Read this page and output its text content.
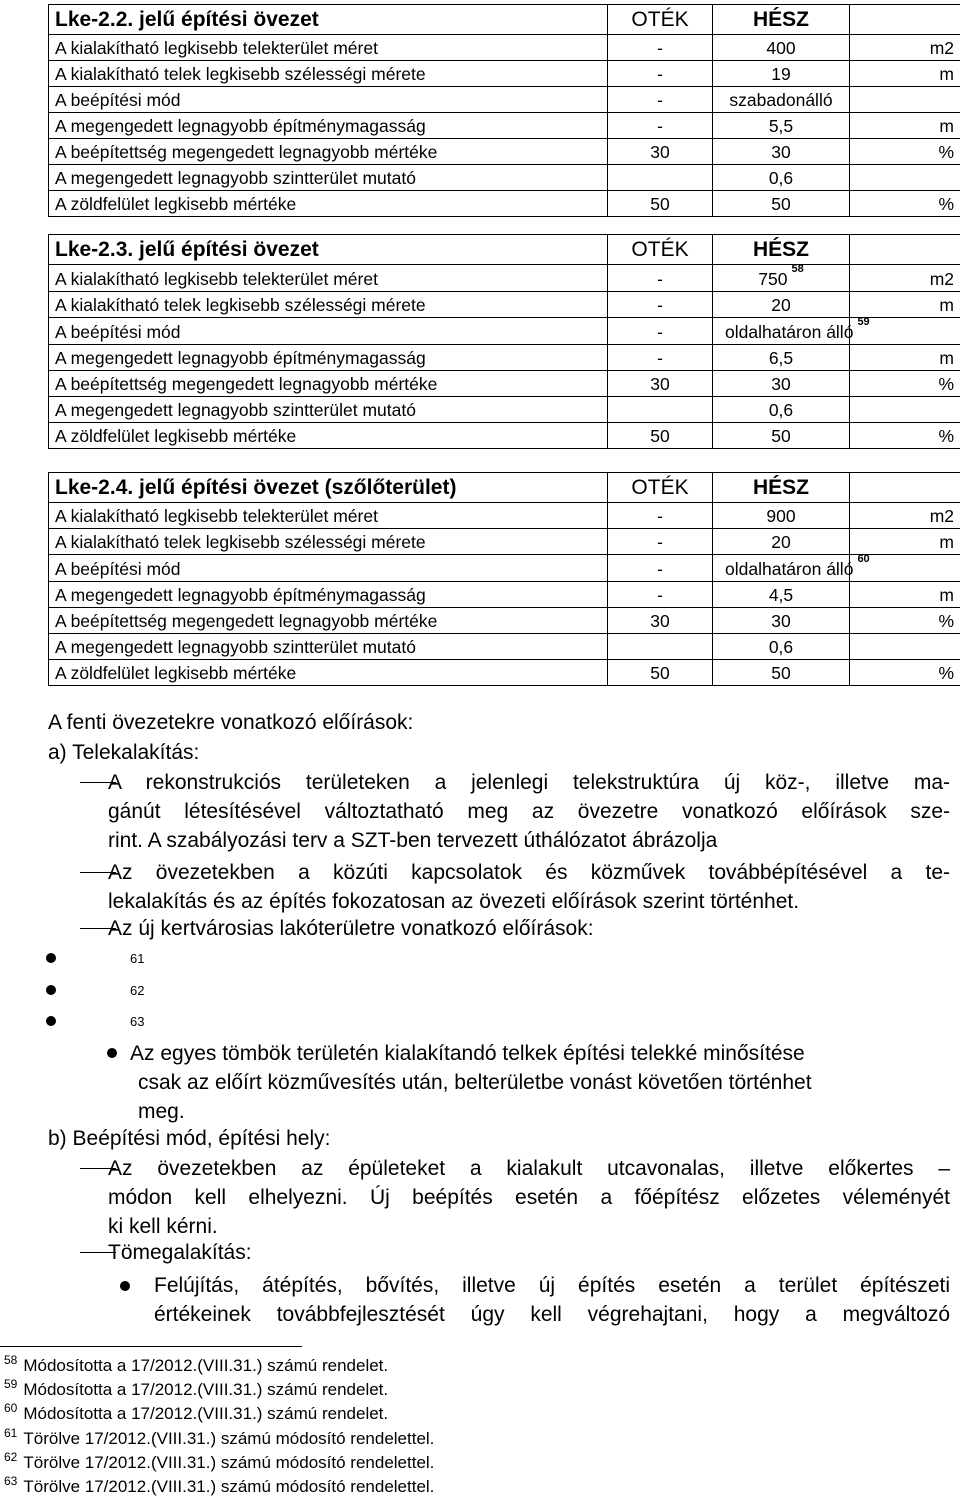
Lke-2.2. jelű építési övezet	OTÉK	HÉSZ	
A kialakítható legkisebb telekterület méret	-	400	m2
A kialakítható telek legkisebb szélességi mérete	-	19	m
A beépítési mód	-	szabadonálló	
A megengedett legnagyobb építménymagasság	-	5,5	m
A beépítettség megengedett legnagyobb mértéke	30	30	%
A megengedett legnagyobb szintterület mutató		0,6	
A zöldfelület legkisebb mértéke	50	50	%
Lke-2.3. jelű építési övezet	OTÉK	HÉSZ	
A kialakítható legkisebb telekterület méret	-	750 $^{58}$	m2
A kialakítható telek legkisebb szélességi mérete	-	20	m
A beépítési mód	-	oldalhatáron álló $^{59}$	
A megengedett legnagyobb építménymagasság	-	6,5	m
A beépítettség megengedett legnagyobb mértéke	30	30	%
A megengedett legnagyobb szintterület mutató		0,6	
A zöldfelület legkisebb mértéke	50	50	%
Lke-2.4. jelű építési övezet (szőlőterület)	OTÉK	HÉSZ	
A kialakítható legkisebb telekterület méret	-	900	m2
A kialakítható telek legkisebb szélességi mérete	-	20	m
A beépítési mód	-	oldalhatáron álló $^{60}$	
A megengedett legnagyobb építménymagasság	-	4,5	m
A beépítettség megengedett legnagyobb mértéke	30	30	%
A megengedett legnagyobb szintterület mutató		0,6	
A zöldfelület legkisebb mértéke	50	50	%
A fenti övezetekre vonatkozó előírások:
a) Telekalakítás:
A rekonstrukciós területeken a jelenlegi telekstruktúra új köz-, illetve ma-
gánút létesítésével változtatható meg az övezetre vonatkozó előírások sze-
rint. A szabályozási terv a SZT-ben tervezett úthálózatot ábrázolja
Az övezetekben a közúti kapcsolatok és közművek továbbépítésével a te-
lekalakítás és az építés fokozatosan az övezeti előírások szerint történhet.
Az új kertvárosias lakóterületre vonatkozó előírások:
61
62
63
Az egyes tömbök területén kialakítandó telkek építési telekké minősítése
csak az előírt közművesítés után, belterületbe vonást követően történhet
meg.
b) Beépítési mód, építési hely:
Az övezetekben az épületeket a kialakult utcavonalas, illetve előkertes –
módon kell elhelyezni. Új beépítés esetén a főépítész előzetes véleményét
ki kell kérni.
Tömegalakítás:
Felújítás, átépítés, bővítés, illetve új építés esetén a terület építészeti
értékeinek továbbfejlesztését úgy kell végrehajtani, hogy a megváltozó
$^{58}$ Módosította a 17/2012.(VIII.31.) számú rendelet.
$^{59}$ Módosította a 17/2012.(VIII.31.) számú rendelet.
$^{60}$ Módosította a 17/2012.(VIII.31.) számú rendelet.
$^{61}$ Törölve 17/2012.(VIII.31.) számú módosító rendelettel.
$^{62}$ Törölve 17/2012.(VIII.31.) számú módosító rendelettel.
$^{63}$ Törölve 17/2012.(VIII.31.) számú módosító rendelettel.
